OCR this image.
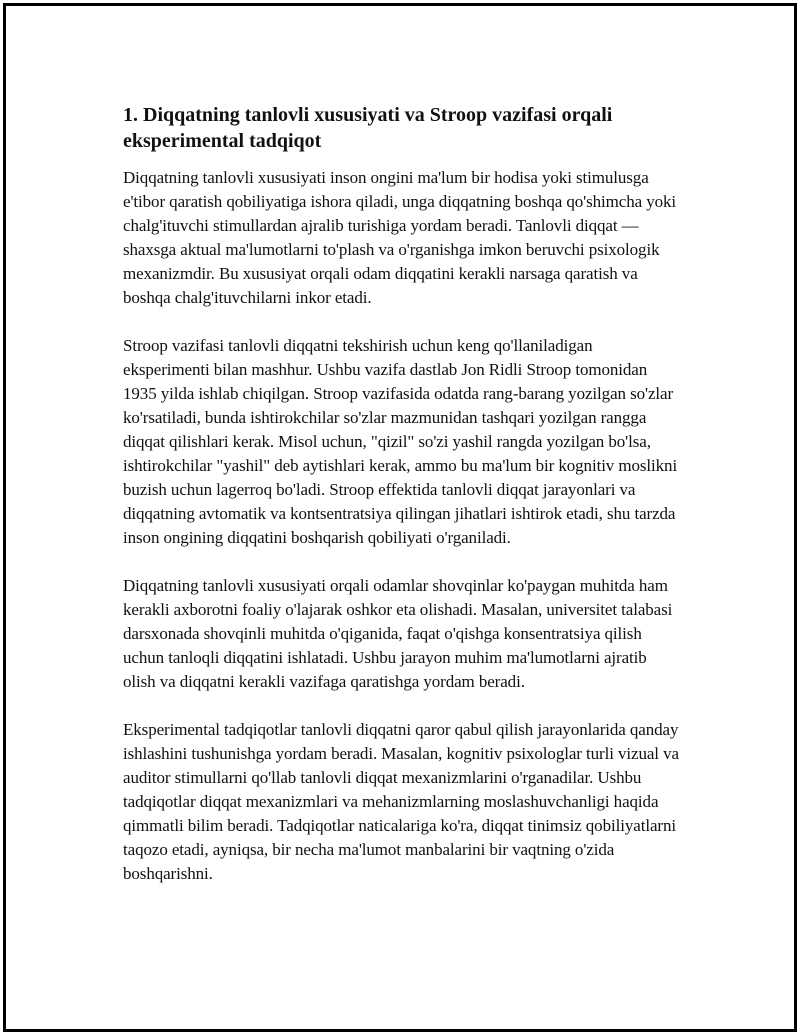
1. Diqqatning tanlovli xususiyati va Stroop vazifasi orqali eksperimental tadqiqot

Diqqatning tanlovli xususiyati inson ongini ma'lum bir hodisa yoki stimulusga e'tibor qaratish qobiliyatiga ishora qiladi, unga diqqatning boshqa qo'shimcha yoki chalg'ituvchi stimullardan ajralib turishiga yordam beradi. Tanlovli diqqat — shaxsga aktual ma'lumotlarni to'plash va o'rganishga imkon beruvchi psixologik mexanizmdir. Bu xususiyat orqali odam diqqatini kerakli narsaga qaratish va boshqa chalg'ituvchilarni inkor etadi.

Stroop vazifasi tanlovli diqqatni tekshirish uchun keng qo'llaniladigan eksperimenti bilan mashhur. Ushbu vazifa dastlab Jon Ridli Stroop tomonidan 1935 yilda ishlab chiqilgan. Stroop vazifasida odatda rang-barang yozilgan so'zlar ko'rsatiladi, bunda ishtirokchilar so'zlar mazmunidan tashqari yozilgan rangga diqqat qilishlari kerak. Misol uchun, "qizil" so'zi yashil rangda yozilgan bo'lsa, ishtirokchilar "yashil" deb aytishlari kerak, ammo bu ma'lum bir kognitiv moslikni buzish uchun lagerroq bo'ladi. Stroop effektida tanlovli diqqat jarayonlari va diqqatning avtomatik va kontsentratsiya qilingan jihatlari ishtirok etadi, shu tarzda inson ongining diqqatini boshqarish qobiliyati o'rganiladi.

Diqqatning tanlovli xususiyati orqali odamlar shovqinlar ko'paygan muhitda ham kerakli axborotni foaliy o'lajarak oshkor eta olishadi. Masalan, universitet talabasi darsxonada shovqinli muhitda o'qiganida, faqat o'qishga konsentratsiya qilish uchun tanloqli diqqatini ishlatadi. Ushbu jarayon muhim ma'lumotlarni ajratib olish va diqqatni kerakli vazifaga qaratishga yordam beradi.

Eksperimental tadqiqotlar tanlovli diqqatni qaror qabul qilish jarayonlarida qanday ishlashini tushunishga yordam beradi. Masalan, kognitiv psixologlar turli vizual va auditor stimullarni qo'llab tanlovli diqqat mexanizmlarini o'rganadilar. Ushbu tadqiqotlar diqqat mexanizmlari va mehanizmlarning moslashuvchanligi haqida qimmatli bilim beradi. Tadqiqotlar naticalariga ko'ra, diqqat tinimsiz qobiliyatlarni taqozo etadi, ayniqsa, bir necha ma'lumot manbalarini bir vaqtning o'zida boshqarishni.
